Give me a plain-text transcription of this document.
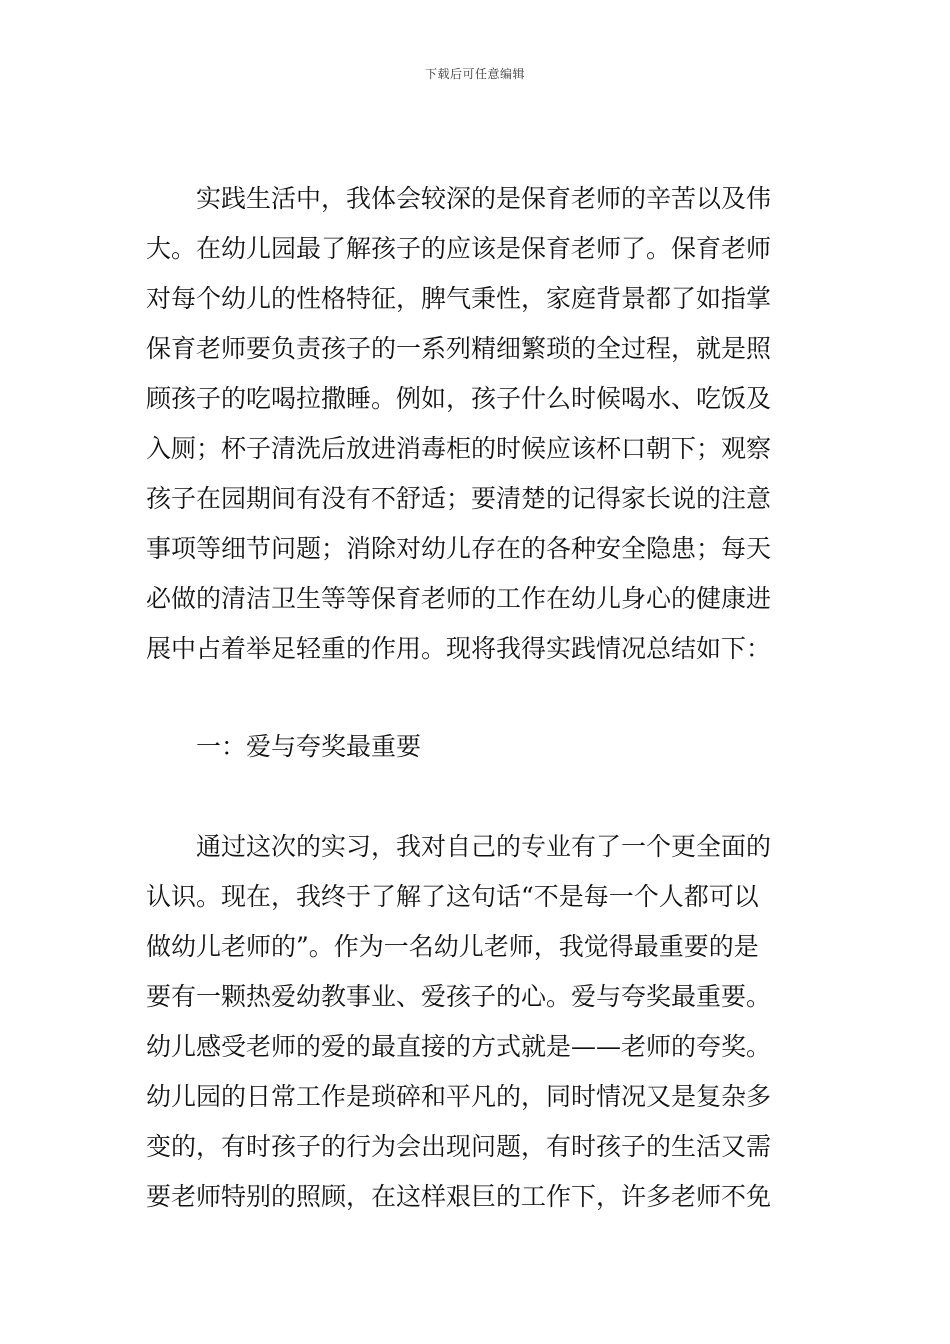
下载后可任意编辑
实践生活中，我体会较深的是保育老师的辛苦以及伟
大。在幼儿园最了解孩子的应该是保育老师了。保育老师
对每个幼儿的性格特征，脾气秉性，家庭背景都了如指掌
保育老师要负责孩子的一系列精细繁琐的全过程，就是照
顾孩子的吃喝拉撒睡。例如，孩子什么时候喝水、吃饭及
入厕；杯子清洗后放进消毒柜的时候应该杯口朝下；观察
孩子在园期间有没有不舒适；要清楚的记得家长说的注意
事项等细节问题；消除对幼儿存在的各种安全隐患；每天
必做的清洁卫生等等保育老师的工作在幼儿身心的健康进
展中占着举足轻重的作用。现将我得实践情况总结如下：
一：爱与夸奖最重要
通过这次的实习，我对自己的专业有了一个更全面的
认识。现在，我终于了解了这句话“不是每一个人都可以
做幼儿老师的”。作为一名幼儿老师，我觉得最重要的是
要有一颗热爱幼教事业、爱孩子的心。爱与夸奖最重要。
幼儿感受老师的爱的最直接的方式就是——老师的夸奖。
幼儿园的日常工作是琐碎和平凡的，同时情况又是复杂多
变的，有时孩子的行为会出现问题，有时孩子的生活又需
要老师特别的照顾，在这样艰巨的工作下，许多老师不免
